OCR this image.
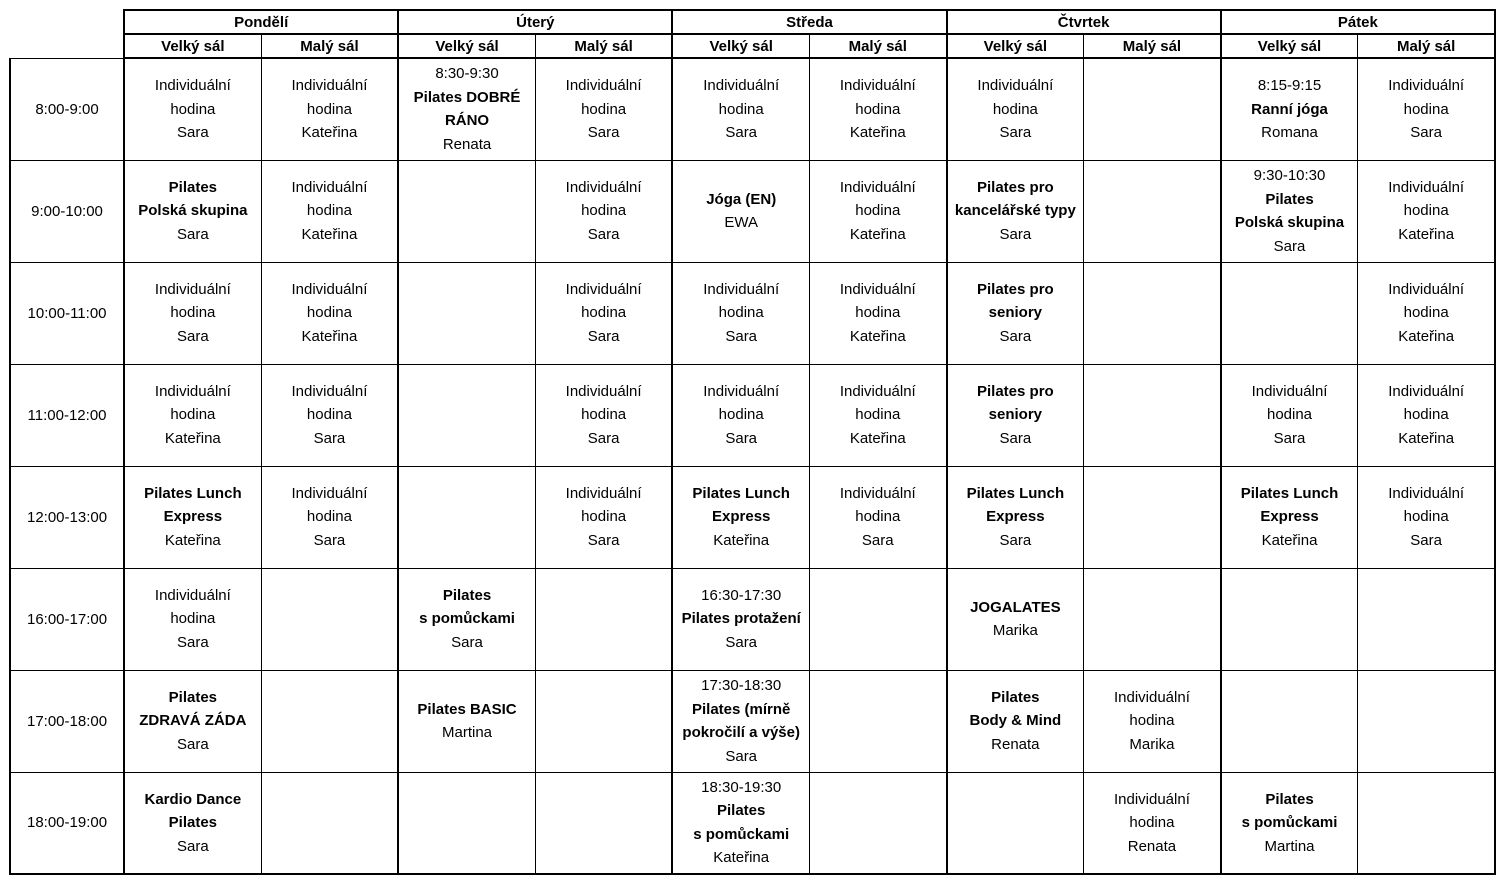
	Pondělí		Úterý		Středa		Čtvrtek		Pátek	
	Velký sál	Malý sál	Velký sál	Malý sál	Velký sál	Malý sál	Velký sál	Malý sál	Velký sál	Malý sál
8:00-9:00	Individuální
hodina
Sara	Individuální
hodina
Kateřina	8:30-9:30
Pilates DOBRÉ
RÁNO
Renata	Individuální
hodina
Sara	Individuální
hodina
Sara	Individuální
hodina
Kateřina	Individuální
hodina
Sara		8:15-9:15
Ranní jóga
Romana	Individuální
hodina
Sara

9:00-10:00	Pilates
Polská skupina
Sara	Individuální
hodina
Kateřina		Individuální
hodina
Sara	Jóga (EN)
EWA	Individuální
hodina
Kateřina	Pilates pro
kancelářské typy
Sara		9:30-10:30
Pilates
Polská skupina
Sara	Individuální
hodina
Kateřina

10:00-11:00	Individuální
hodina
Sara	Individuální
hodina
Kateřina		Individuální
hodina
Sara	Individuální
hodina
Sara	Individuální
hodina
Kateřina	Pilates pro
seniory
Sara			Individuální
hodina
Kateřina

11:00-12:00	Individuální
hodina
Kateřina	Individuální
hodina
Sara		Individuální
hodina
Sara	Individuální
hodina
Sara	Individuální
hodina
Kateřina	Pilates pro
seniory
Sara		Individuální
hodina
Sara	Individuální
hodina
Kateřina

12:00-13:00	Pilates Lunch
Express
Kateřina	Individuální
hodina
Sara		Individuální
hodina
Sara	Pilates Lunch
Express
Kateřina	Individuální
hodina
Sara	Pilates Lunch
Express
Sara		Pilates Lunch
Express
Kateřina	Individuální
hodina
Sara

16:00-17:00	Individuální
hodina
Sara		Pilates
s pomůckami
Sara		16:30-17:30
Pilates protažení
Sara		JOGALATES
Marika			

17:00-18:00	Pilates
ZDRAVÁ ZÁDA
Sara		Pilates BASIC
Martina		17:30-18:30
Pilates (mírně
pokročilí a výše)
Sara		Pilates
Body & Mind
Renata	Individuální
hodina
Marika		

18:00-19:00	Kardio Dance
Pilates
Sara				18:30-19:30
Pilates
s pomůckami
Kateřina			Individuální
hodina
Renata	Pilates
s pomůckami
Martina	
